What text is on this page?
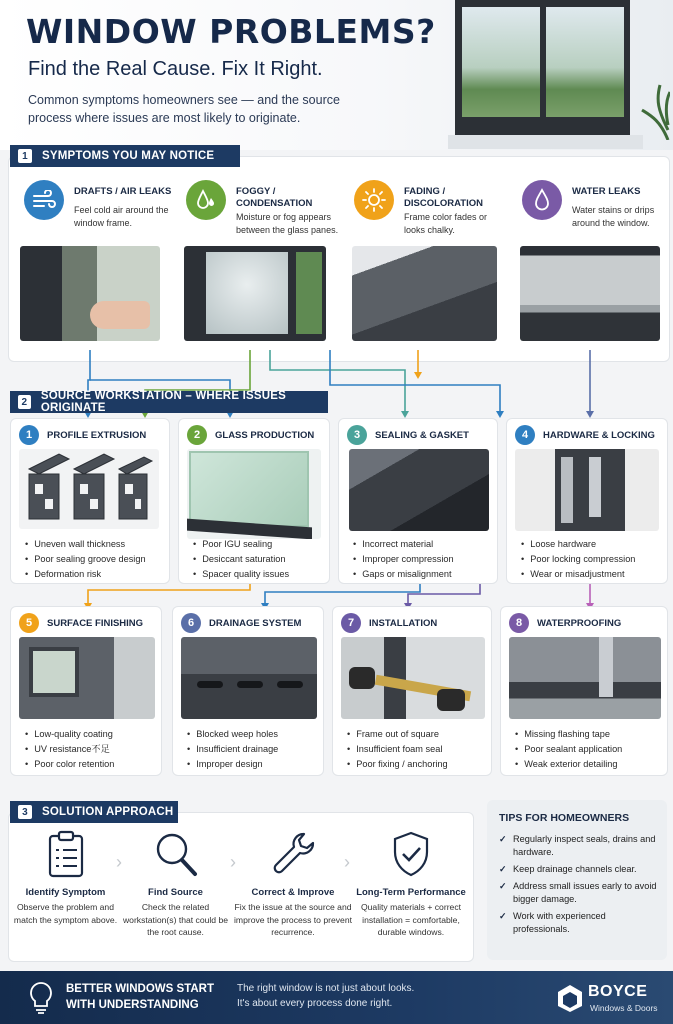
WINDOW PROBLEMS?
Find the Real Cause. Fix It Right.
Common symptoms homeowners see — and the source process where issues are most likely to originate.
1	SYMPTOMS YOU MAY NOTICE
DRAFTS / AIR LEAKS
Feel cold air around the window frame.
FOGGY /
CONDENSATION
Moisture or fog appears between the glass panes.
FADING /
DISCOLORATION
Frame color fades or looks chalky.
WATER LEAKS
Water stains or drips around the window.
2	SOURCE WORKSTATION – WHERE ISSUES ORIGINATE
1	PROFILE EXTRUSION
• Uneven wall thickness
• Poor sealing groove design
• Deformation risk
2	GLASS PRODUCTION
• Poor IGU sealing
• Desiccant saturation
• Spacer quality issues
3	SEALING & GASKET
• Incorrect material
• Improper compression
• Gaps or misalignment
4	HARDWARE & LOCKING
• Loose hardware
• Poor locking compression
• Wear or misadjustment
5	SURFACE FINISHING
• Low-quality coating
• UV resistance不足
• Poor color retention
6	DRAINAGE SYSTEM
• Blocked weep holes
• Insufficient drainage
• Improper design
7	INSTALLATION
• Frame out of square
• Insufficient foam seal
• Poor fixing / anchoring
8	WATERPROOFING
• Missing flashing tape
• Poor sealant application
• Weak exterior detailing
3	SOLUTION APPROACH
Identify Symptom
Observe the problem and match the symptom above.
›
Find Source
Check the related workstation(s) that could be the root cause.
›
Correct & Improve
Fix the issue at the source and improve the process to prevent recurrence.
›
Long-Term Performance
Quality materials + correct installation = comfortable, durable windows.
TIPS FOR HOMEOWNERS
✓ Regularly inspect seals, drains and hardware.
✓ Keep drainage channels clear.
✓ Address small issues early to avoid bigger damage.
✓ Work with experienced professionals.
BETTER WINDOWS START
WITH UNDERSTANDING
The right window is not just about looks.
It's about every process done right.
BOYCE
Windows & Doors
